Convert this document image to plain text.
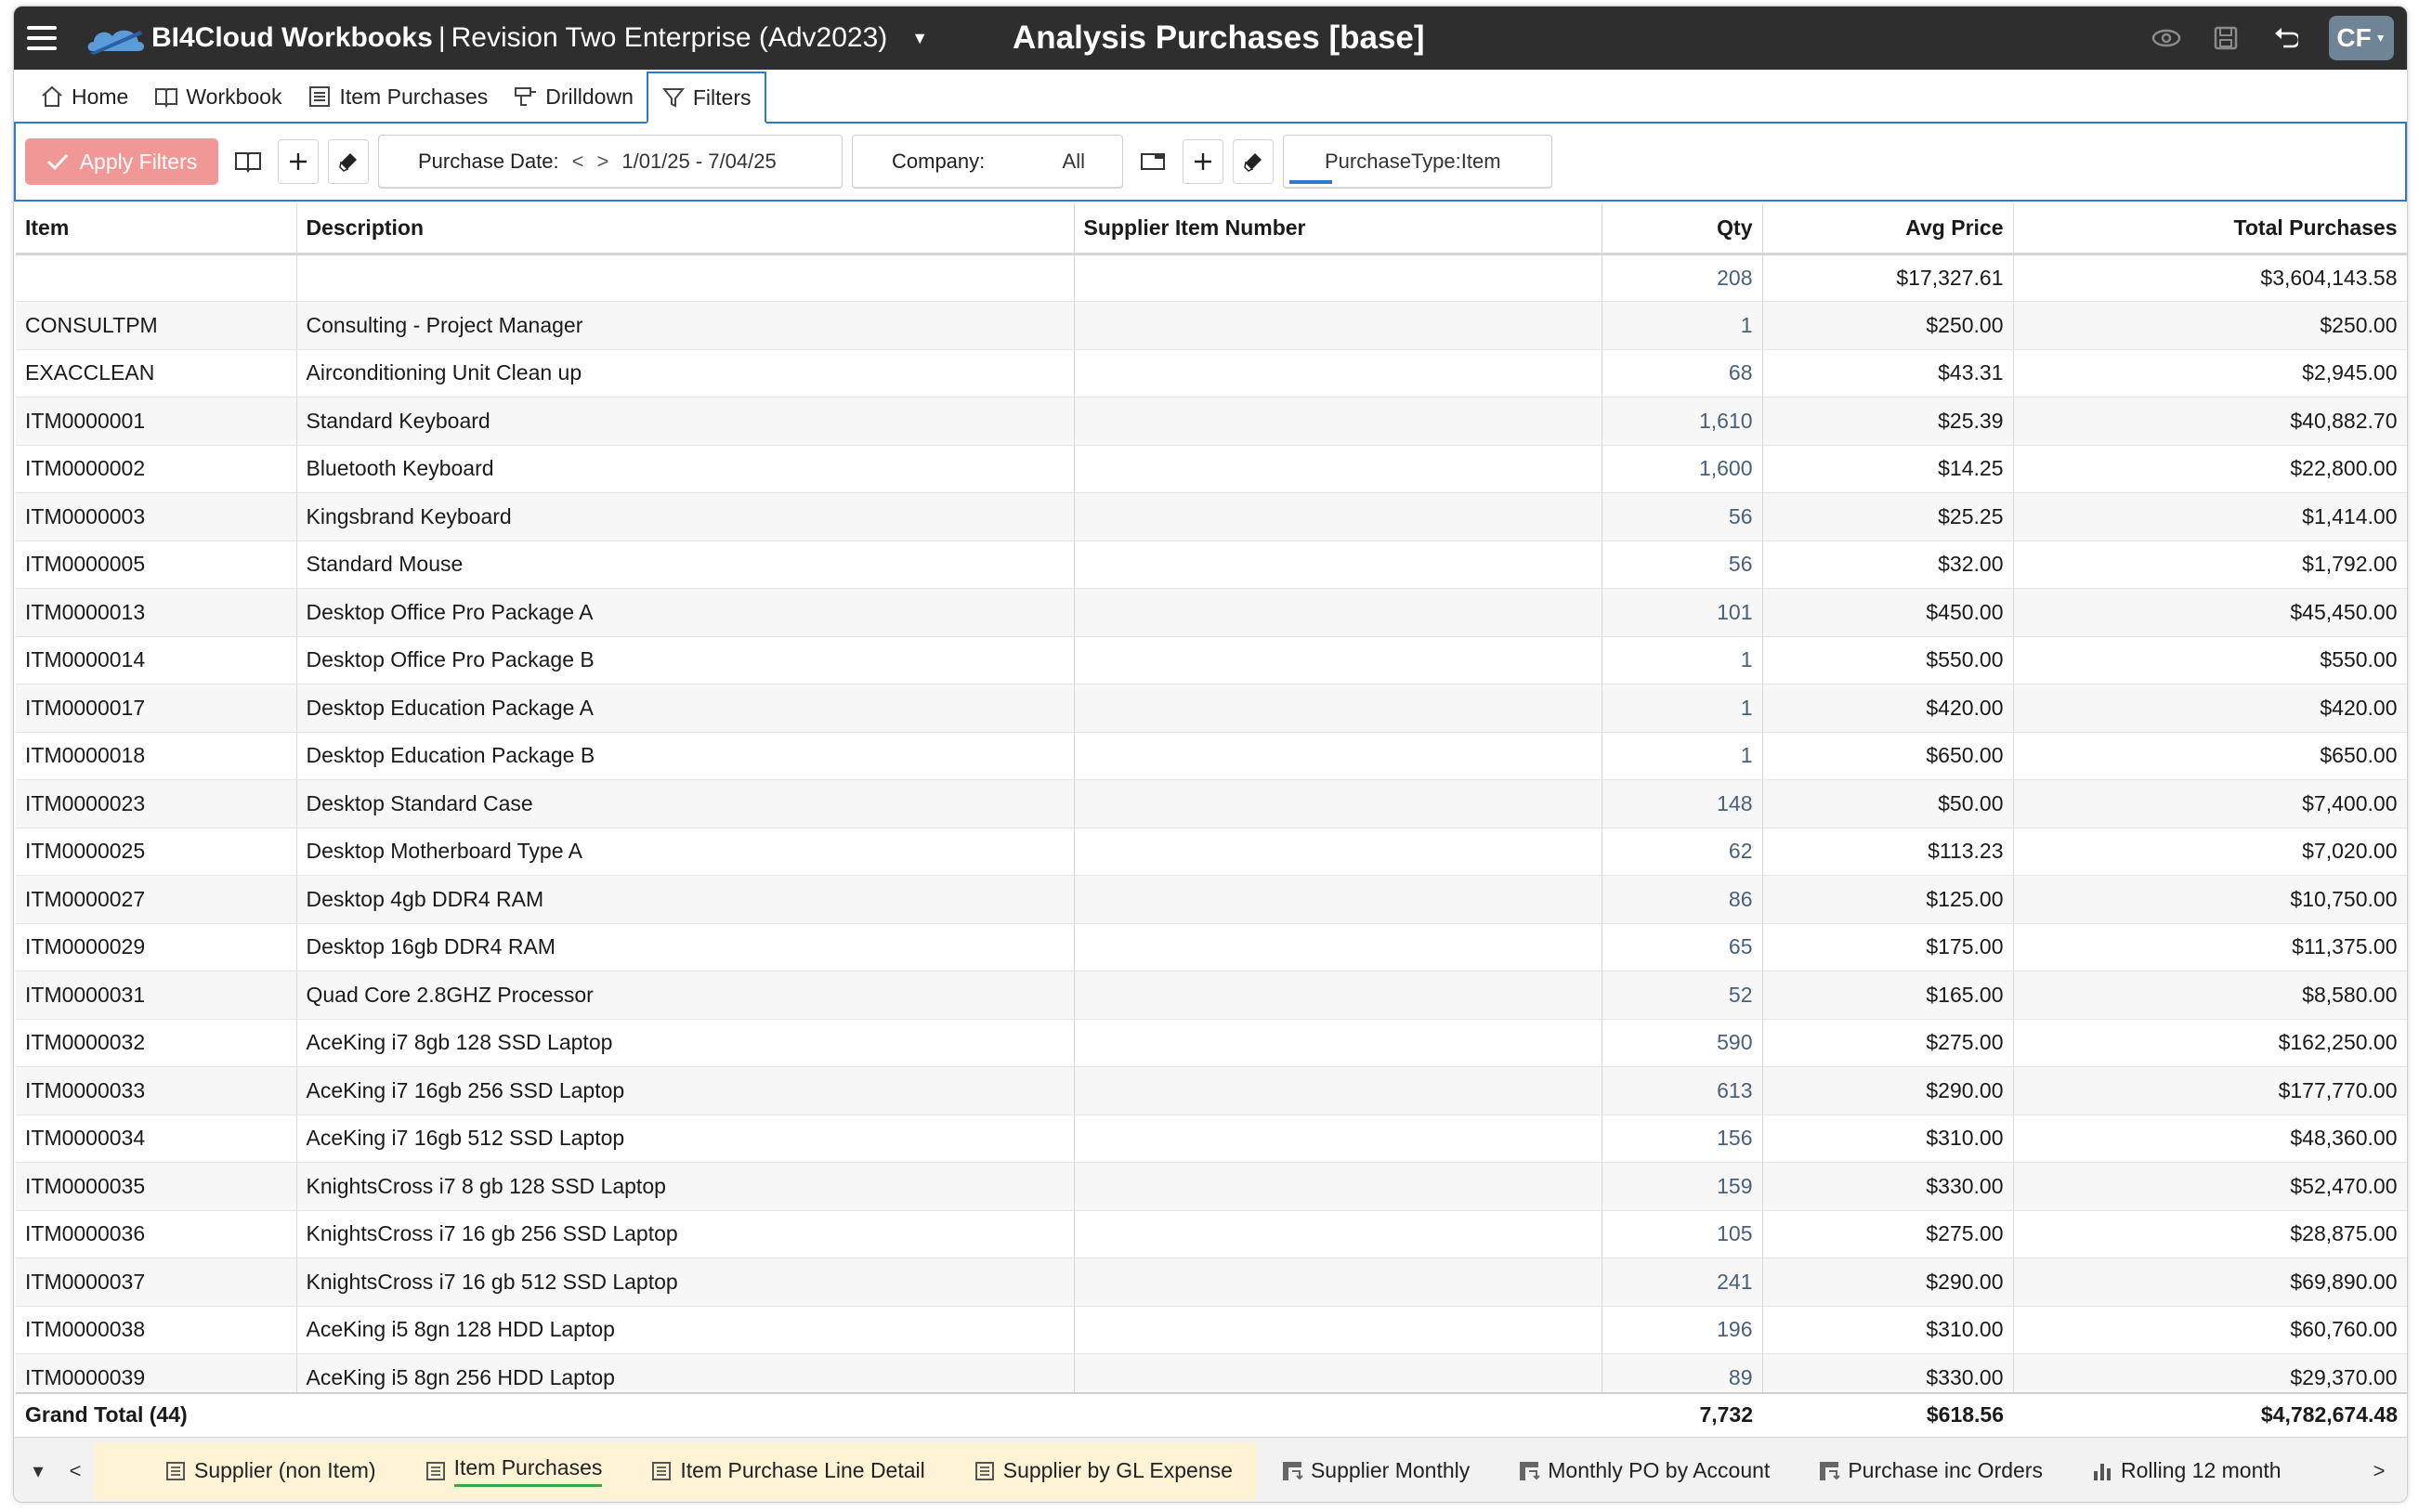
BI4Cloud Workbooks | Revision Two Enterprise (Adv2023) ▼	Analysis Purchases [base]	CF ▼
Home	Workbook	Item Purchases	Drilldown	Filters
Apply Filters	Purchase Date: < > 1/01/25 - 7/04/25	Company:	All	PurchaseType:Item
Item	Description	Supplier Item Number	Qty	Avg Price	Total Purchases
			208	$17,327.61	$3,604,143.58
CONSULTPM	Consulting - Project Manager		1	$250.00	$250.00
EXACCLEAN	Airconditioning Unit Clean up		68	$43.31	$2,945.00
ITM0000001	Standard Keyboard		1,610	$25.39	$40,882.70
ITM0000002	Bluetooth Keyboard		1,600	$14.25	$22,800.00
ITM0000003	Kingsbrand Keyboard		56	$25.25	$1,414.00
ITM0000005	Standard Mouse		56	$32.00	$1,792.00
ITM0000013	Desktop Office Pro Package A		101	$450.00	$45,450.00
ITM0000014	Desktop Office Pro Package B		1	$550.00	$550.00
ITM0000017	Desktop Education Package A		1	$420.00	$420.00
ITM0000018	Desktop Education Package B		1	$650.00	$650.00
ITM0000023	Desktop Standard Case		148	$50.00	$7,400.00
ITM0000025	Desktop Motherboard Type A		62	$113.23	$7,020.00
ITM0000027	Desktop 4gb DDR4 RAM		86	$125.00	$10,750.00
ITM0000029	Desktop 16gb DDR4 RAM		65	$175.00	$11,375.00
ITM0000031	Quad Core 2.8GHZ Processor		52	$165.00	$8,580.00
ITM0000032	AceKing i7 8gb 128 SSD Laptop		590	$275.00	$162,250.00
ITM0000033	AceKing i7 16gb 256 SSD Laptop		613	$290.00	$177,770.00
ITM0000034	AceKing i7 16gb 512 SSD Laptop		156	$310.00	$48,360.00
ITM0000035	KnightsCross i7 8 gb 128 SSD Laptop		159	$330.00	$52,470.00
ITM0000036	KnightsCross i7 16 gb 256 SSD Laptop		105	$275.00	$28,875.00
ITM0000037	KnightsCross i7 16 gb 512 SSD Laptop		241	$290.00	$69,890.00
ITM0000038	AceKing i5 8gn 128 HDD Laptop		196	$310.00	$60,760.00
ITM0000039	AceKing i5 8gn 256 HDD Laptop		89	$330.00	$29,370.00
Grand Total (44)			7,732	$618.56	$4,782,674.48
▾	<	Supplier (non Item)	Item Purchases	Item Purchase Line Detail	Supplier by GL Expense	Supplier Monthly	Monthly PO by Account	Purchase inc Orders	Rolling 12 month	>
